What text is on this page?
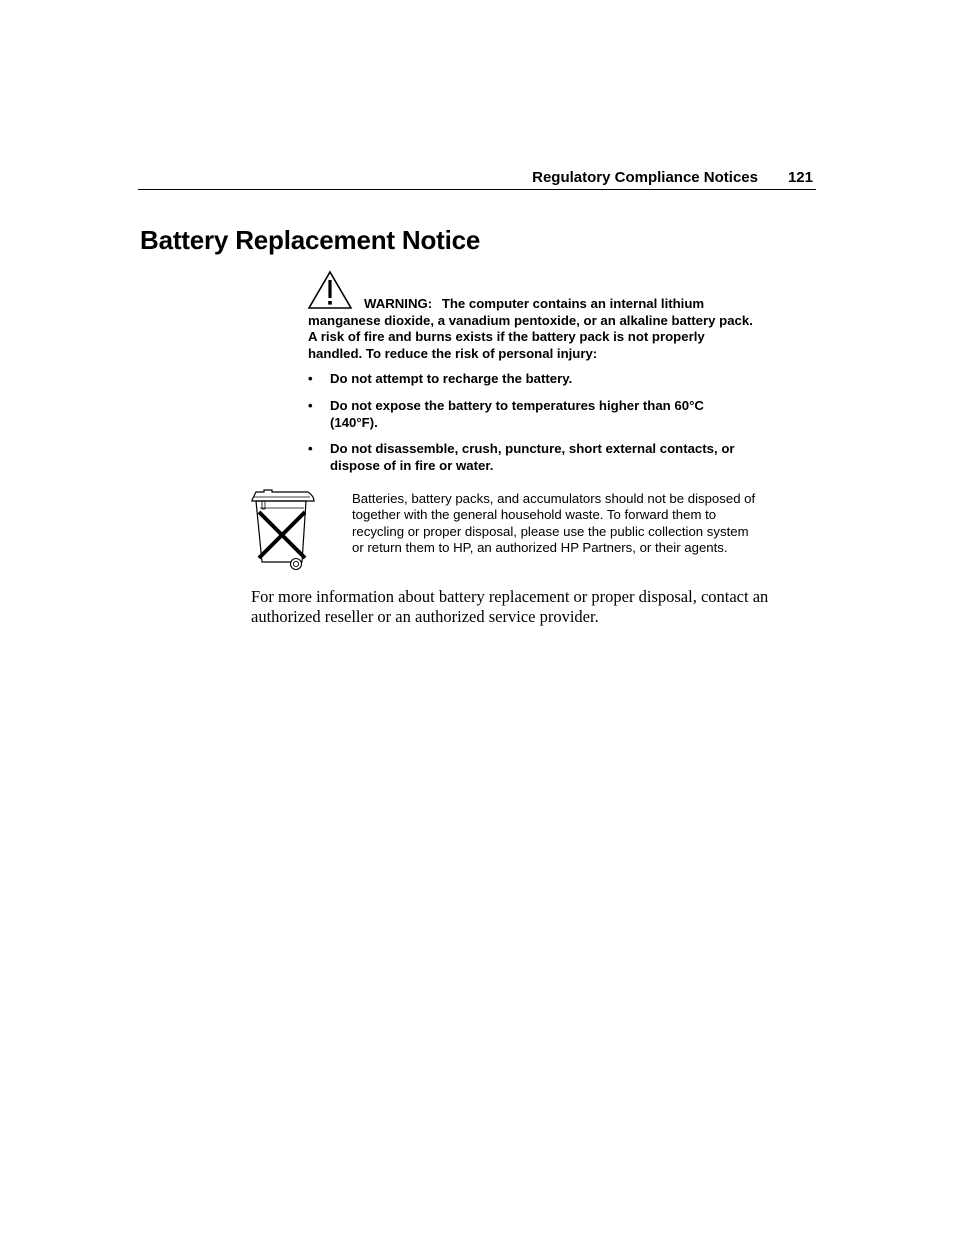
Regulatory Compliance Notices 121
Battery Replacement Notice

WARNING: The computer contains an internal lithium manganese dioxide, a vanadium pentoxide, or an alkaline battery pack. A risk of fire and burns exists if the battery pack is not properly handled. To reduce the risk of personal injury:

• Do not attempt to recharge the battery.
• Do not expose the battery to temperatures higher than 60°C (140°F).
• Do not disassemble, crush, puncture, short external contacts, or dispose of in fire or water.

Batteries, battery packs, and accumulators should not be disposed of together with the general household waste. To forward them to recycling or proper disposal, please use the public collection system or return them to HP, an authorized HP Partners, or their agents.

For more information about battery replacement or proper disposal, contact an authorized reseller or an authorized service provider.
